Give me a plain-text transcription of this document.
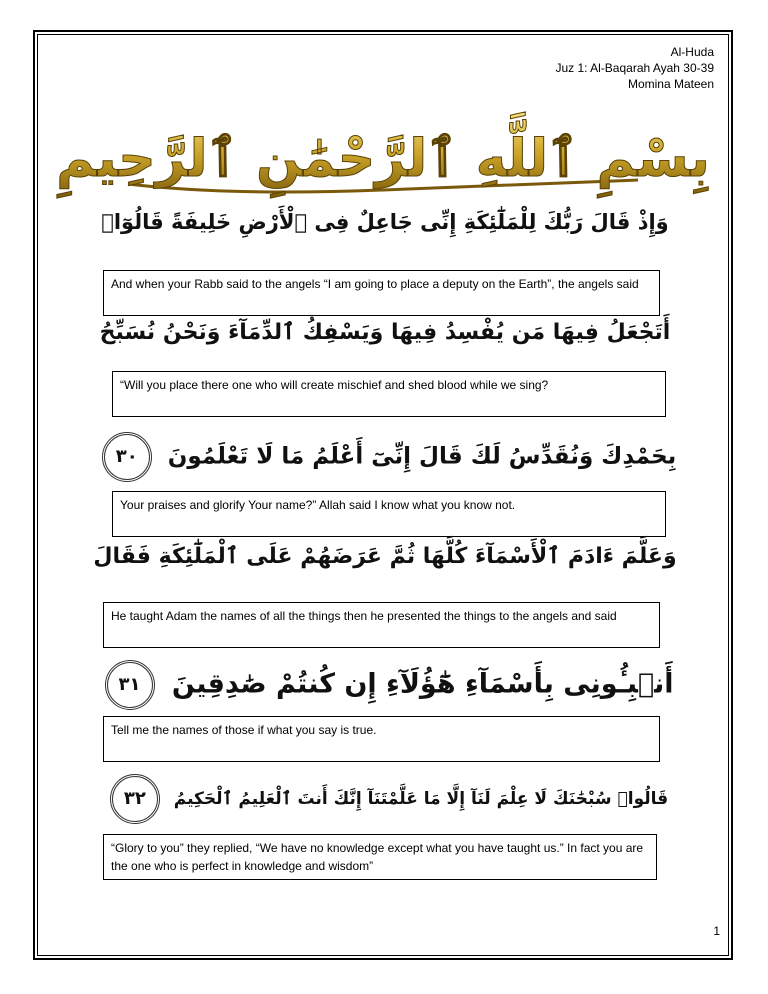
Al-Huda
Juz 1: Al-Baqarah Ayah 30-39
Momina Mateen
بِسْمِ ٱللَّهِ ٱلرَّحْمَٰنِ ٱلرَّحِيمِ
وَإِذْ قَالَ رَبُّكَ لِلْمَلَٰٓئِكَةِ إِنِّى جَاعِلٌ فِى ٱلْأَرْضِ خَلِيفَةً قَالُوٓا۟
And when your Rabb said to the angels “I am going to place a deputy on the Earth”, the angels said
أَتَجْعَلُ فِيهَا مَن يُفْسِدُ فِيهَا وَيَسْفِكُ ٱلدِّمَآءَ وَنَحْنُ نُسَبِّحُ
“Will you place there one who will create mischief and shed blood while we sing?
بِحَمْدِكَ وَنُقَدِّسُ لَكَ قَالَ إِنِّىٓ أَعْلَمُ مَا لَا تَعْلَمُونَ ٣٠
Your praises and glorify Your name?” Allah said I know what you know not.
وَعَلَّمَ ءَادَمَ ٱلْأَسْمَآءَ كُلَّهَا ثُمَّ عَرَضَهُمْ عَلَى ٱلْمَلَٰٓئِكَةِ فَقَالَ
He taught Adam the names of all the things then he presented the things to the angels and said
أَنۢبِـُٔونِى بِأَسْمَآءِ هَٰٓؤُلَآءِ إِن كُنتُمْ صَٰدِقِينَ ٣١
Tell me the names of those if what you say is true.
قَالُوا۟ سُبْحَٰنَكَ لَا عِلْمَ لَنَآ إِلَّا مَا عَلَّمْتَنَآ إِنَّكَ أَنتَ ٱلْعَلِيمُ ٱلْحَكِيمُ ٣٢
“Glory to you” they replied, “We have no knowledge except what you have taught us.” In fact you are the one who is perfect in knowledge and wisdom”
1
